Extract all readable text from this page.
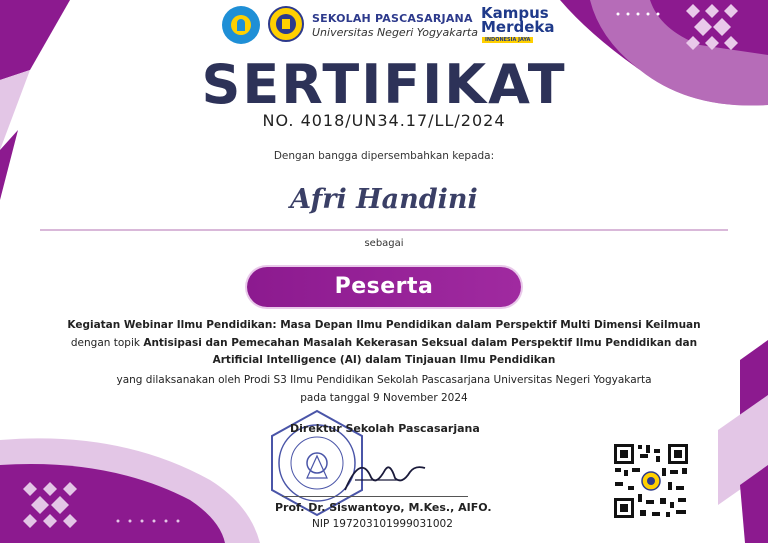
SEKOLAH PASCASARJANA
Universitas Negeri Yogyakarta
Kampus
Merdeka
INDONESIA JAYA
SERTIFIKAT
NO. 4018/UN34.17/LL/2024
Dengan bangga dipersembahkan kepada:
Afri Handini
sebagai
Peserta
Kegiatan Webinar Ilmu Pendidikan: Masa Depan Ilmu Pendidikan dalam Perspektif Multi Dimensi Keilmuan
dengan topik Antisipasi dan Pemecahan Masalah Kekerasan Seksual dalam Perspektif Ilmu Pendidikan dan
Artificial Intelligence (AI) dalam Tinjauan Ilmu Pendidikan
yang dilaksanakan oleh Prodi S3 Ilmu Pendidikan Sekolah Pascasarjana Universitas Negeri Yogyakarta
pada tanggal 9 November 2024
Direktur Sekolah Pascasarjana
Prof. Dr. Siswantoyo, M.Kes., AIFO.
NIP 197203101999031002
